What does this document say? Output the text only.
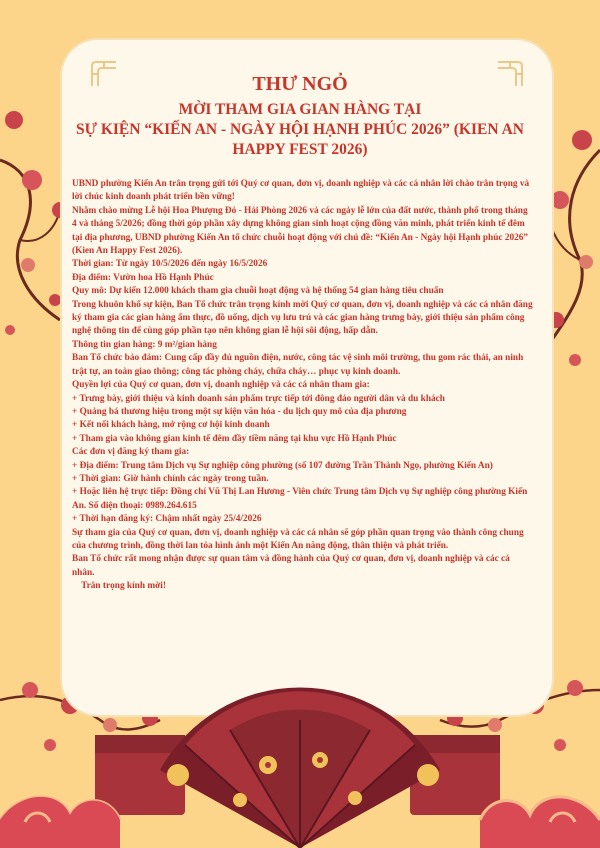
THƯ NGỎ
MỜI THAM GIA GIAN HÀNG TẠI
SỰ KIỆN “KIẾN AN - NGÀY HỘI HẠNH PHÚC 2026” (KIEN AN HAPPY FEST 2026)

UBND phường Kiến An trân trọng gửi tới Quý cơ quan, đơn vị, doanh nghiệp và các cá nhân lời chào trân trọng và lời chúc kinh doanh phát triển bền vững!

Nhằm chào mừng Lễ hội Hoa Phượng Đỏ - Hải Phòng 2026 và các ngày lễ lớn của đất nước, thành phố trong tháng 4 và tháng 5/2026; đồng thời góp phần xây dựng không gian sinh hoạt cộng đồng văn minh, phát triển kinh tế đêm tại địa phương, UBND phường Kiến An tổ chức chuỗi hoạt động với chủ đề: “Kiến An - Ngày hội Hạnh phúc 2026” (Kien An Happy Fest 2026).

Thời gian: Từ ngày 10/5/2026 đến ngày 16/5/2026

Địa điểm: Vườn hoa Hồ Hạnh Phúc

Quy mô: Dự kiến 12.000 khách tham gia chuỗi hoạt động và hệ thống 54 gian hàng tiêu chuẩn

Trong khuôn khổ sự kiện, Ban Tổ chức trân trọng kính mời Quý cơ quan, đơn vị, doanh nghiệp và các cá nhân đăng ký tham gia các gian hàng ẩm thực, đồ uống, dịch vụ lưu trú và các gian hàng trưng bày, giới thiệu sản phẩm công nghệ thông tin để cùng góp phần tạo nên không gian lễ hội sôi động, hấp dẫn.

Thông tin gian hàng: 9 m²/gian hàng

Ban Tổ chức bảo đảm: Cung cấp đầy đủ nguồn điện, nước, công tác vệ sinh môi trường, thu gom rác thải, an ninh trật tự, an toàn giao thông; công tác phòng cháy, chữa cháy… phục vụ kinh doanh.

Quyền lợi của Quý cơ quan, đơn vị, doanh nghiệp và các cá nhân tham gia:

+ Trưng bày, giới thiệu và kinh doanh sản phẩm trực tiếp tới đông đảo người dân và du khách

+ Quảng bá thương hiệu trong một sự kiện văn hóa - du lịch quy mô của địa phương

+ Kết nối khách hàng, mở rộng cơ hội kinh doanh

+ Tham gia vào không gian kinh tế đêm đầy tiềm năng tại khu vực Hồ Hạnh Phúc

Các đơn vị đăng ký tham gia:

+ Địa điểm: Trung tâm Dịch vụ Sự nghiệp công phường (số 107 đường Trần Thành Ngọ, phường Kiến An)

+ Thời gian: Giờ hành chính các ngày trong tuần.

+ Hoặc liên hệ trực tiếp: Đồng chí Vũ Thị Lan Hương - Viên chức Trung tâm Dịch vụ Sự nghiệp công phường Kiến An. Số điện thoại: 0989.264.615

+ Thời hạn đăng ký: Chậm nhất ngày 25/4/2026

Sự tham gia của Quý cơ quan, đơn vị, doanh nghiệp và các cá nhân sẽ góp phần quan trọng vào thành công chung của chương trình, đồng thời lan tỏa hình ảnh một Kiến An năng động, thân thiện và phát triển.

Ban Tổ chức rất mong nhận được sự quan tâm và đồng hành của Quý cơ quan, đơn vị, doanh nghiệp và các cá nhân.

Trân trọng kính mời!
